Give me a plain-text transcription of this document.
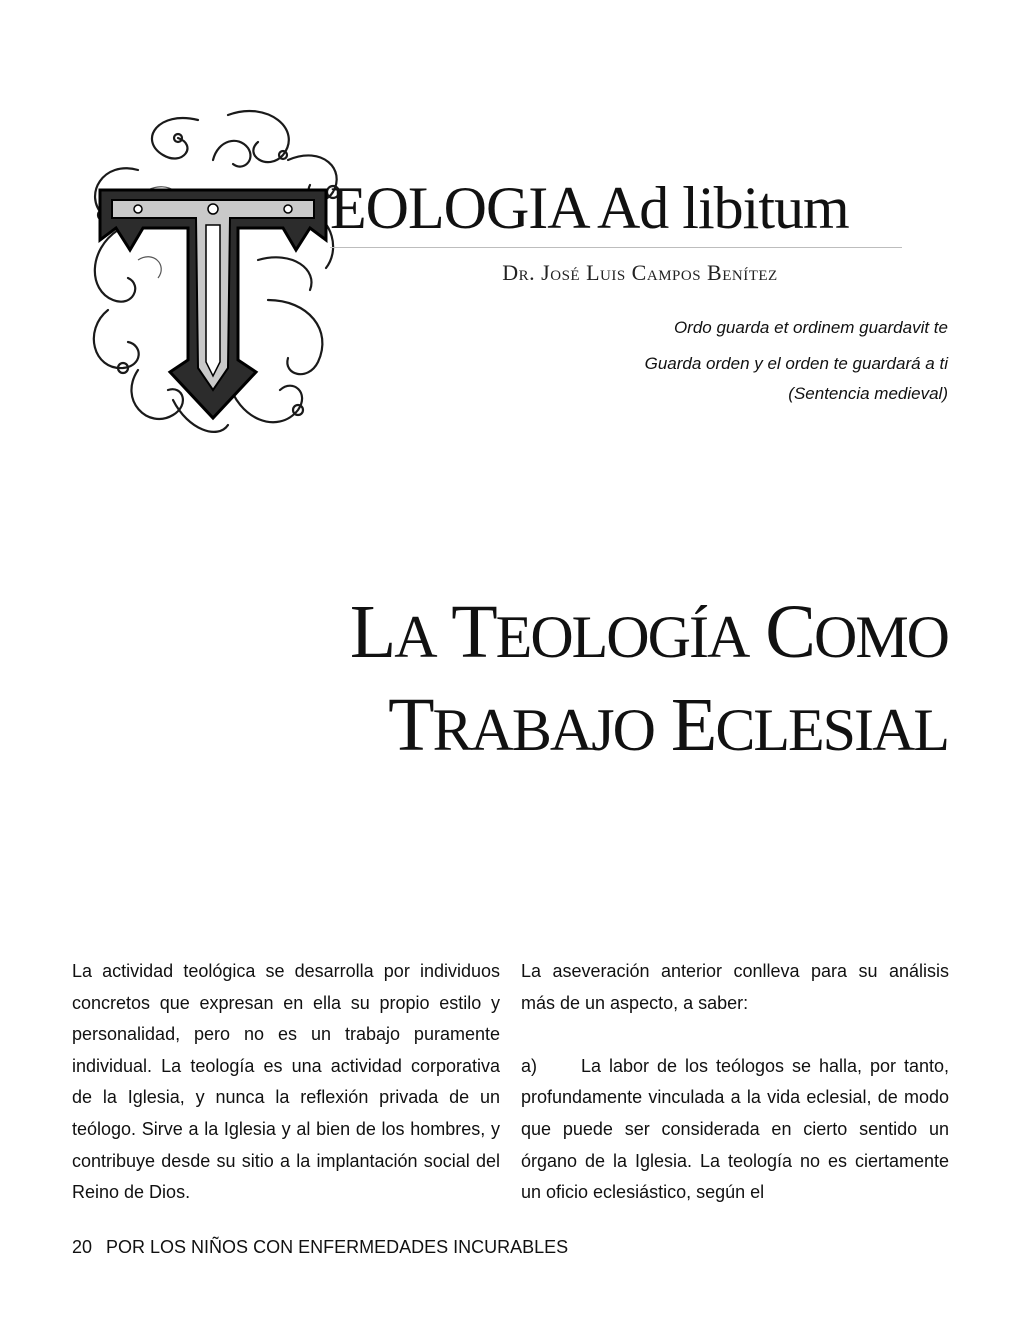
EOLOGIA Ad libitum
Dr. José Luis Campos Benítez
Ordo guarda et ordinem guardavit te
Guarda orden y el orden te guardará a ti
(Sentencia medieval)
LA TEOLOGÍA COMO
TRABAJO ECLESIAL

La actividad teológica se desarrolla por individuos concretos que expresan en ella su propio estilo y personalidad, pero no es un trabajo puramente individual. La teología es una actividad corporativa de la Iglesia, y nunca la reflexión privada de un teólogo. Sirve a la Iglesia y al bien de los hombres, y contribuye desde su sitio a la implantación social del Reino de Dios.

La aseveración anterior conlleva para su análisis más de un aspecto, a saber:

a) La labor de los teólogos se halla, por tanto, profundamente vinculada a la vida eclesial, de modo que puede ser considerada en cierto sentido un órgano de la Iglesia. La teología no es ciertamente un oficio eclesiástico, según el

20 POR LOS NIÑOS CON ENFERMEDADES INCURABLES
